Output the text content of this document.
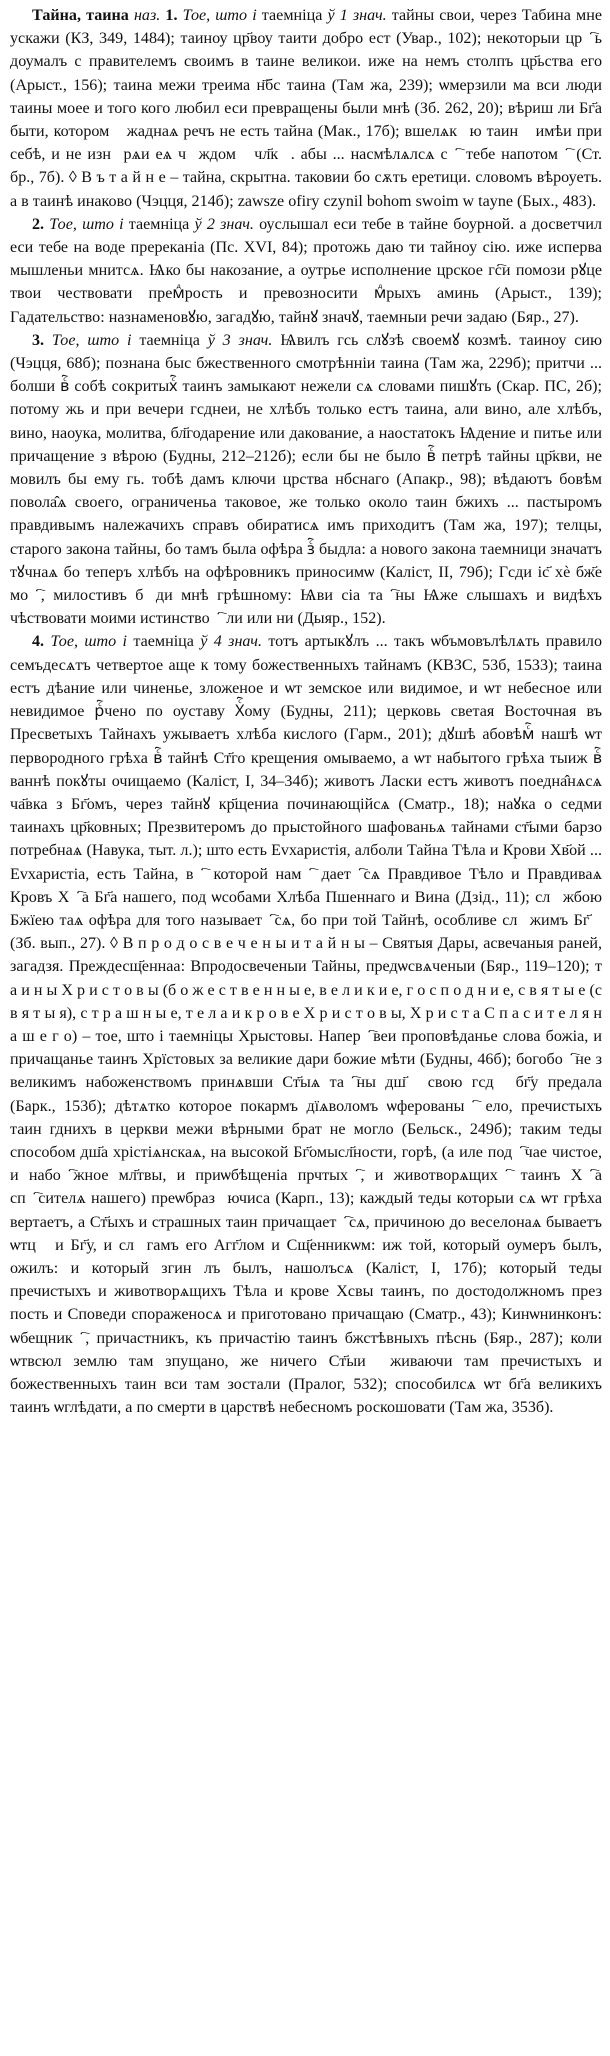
Тайна, таина наз. 1. Тое, што і таемніца ў 1 знач. тайны свои, через Табина мне ускажи (КЗ, 349, 1484); таиноу цр҃воу таити добро ест (Увар., 102); некоторыи црⷭ҇ь доумалъ с правителемъ своимъ в таине великои. иже на немъ столпъ цр҃ьства его (Арыст., 156); таина межи треима н҃бс таина (Там жа, 239); ѡмерзили ма вси люди таины моее и того кого любил еси превращены были мнѣ (Зб. 262, 20); вѣриш ли Бг҃а быти, которомꙋ жаднаѧ речъ не есть тайна (Мак., 17б); вшелѧкꙋю таинꙋ имѣи при себѣ, и не изнꙋрѧи еѧ чꙋждомꙋ чл҃кꙋ. абы ... насмѣлѧлсѧ сⷭ҇ тебе напотомⷭ҇ (Ст. бр., 7б). ◊ В ъ т а й н е – тайна, скрытна. таковии бо сѫть еретици. словомъ вѣроуеть. а в таинѣ инаково (Чэцця, 214б); zawsze ofiry czynil bohom swoim w tayne (Бых., 483).

2. Тое, што і таемніца ў 2 знач. оуслышал еси тебе в тайне боурной. а досветчил еси тебе на воде пререканіа (Пс. XVI, 84); протожь даю ти тайноу сію. иже исперва мышленьи мнитсѧ. Ѩко бы накозание, а оутрье исполнение црское гс҇и помози рꙋце твои чествовати премⷣрость и превозносити мⷣрыхъ аминь (Арыст., 139); Гадательство: назнаменовꙋю, загадꙋю, тайнꙋ значꙋ, таемныи речи задаю (Бяр., 27).

3. Тое, што і таемніца ў 3 знач. Ѩвилъ гсь слꙋзѣ своемꙋ козмѣ. таиноу сию (Чэцця, 68б); познана быс бжественного смотрѣнніи таина (Там жа, 229б); притчи ... болши вⷭ҇ собѣ сокритыхⷭ҇ таинъ замыкают нежели сѧ словами пишꙋть (Скар. ПС, 2б); потому жь и при вечери гсднеи, не хлѣбъ только естъ таина, али вино, але хлѣбъ, вино, наоука, молитва, бл҃годарение или дакование, а наостатокъ Ѩдение и питье или причащение з вѣрою (Будны, 212–212б); если бы не было вⷭ҇ петрѣ тайны цр҃кви, не мовилъ бы ему гь. тобѣ дамъ ключи црства нбснаго (Апакр., 98); вѣдаютъ бовѣм повола̂ѧ своего, ограниченьа таковое, же только около таин бжихъ ... пастыромъ правдивымъ належачихъ справъ обиратисѧ имъ приходитъ (Там жа, 197); телцы, старого закона тайны, бо тамъ была офѣра зⷭ҇ быдла: а нового закона таемници значатъ тꙋчнаѧ бо теперъ хлѣбъ на офѣровникъ приносимѡ (Каліст, II, 79б); Гсди іс҃ хѐ бж҃е моⷭ҇, милостивъ бꙋди мнѣ грѣшному: Ѩви сіа таⷭ҇ны Ѩже слышахъ и видѣхъ чѣствовати моими истинствоⷭ҇ ли или ни (Дыяр., 152).

4. Тое, што і таемніца ў 4 знач. тотъ артыкꙋлъ ... такъ ѡбъмовълѣлѧть правило семъдесѧтъ четвертое аще к тому божественныхъ тайнамъ (КВЗС, 53б, 1533); таина естъ дѣание или чиненье, зложеное и ѡт земское или видимое, и ѡт небесное или невидимое рⷭ҇чено по оуставу Хⷭ҇ому (Будны, 211); церковь светая Восточная въ Пресветыхъ Тайнахъ ужываетъ хлѣба кислого (Гарм., 201); дꙋшѣ абовѣмⷭ҇ нашѣ ѡт первородного грѣха вⷭ҇ тайнѣ Ст҃го крещения омываемо, а ѡт набытого грѣха тыиж вⷭ҇ ваннѣ покꙋты очищаемо (Каліст, I, 34–34б); животъ Ласки естъ животъ поедна̂нѧсѧ ча҃вка з Бг҃омъ, через тайнꙋ кр҃щениа починающійсѧ (Сматр., 18); наꙋка о седми таинахъ цр҃ковных; Презвитеромъ до прыстойного шафованьѧ тайнами ст҃ыми барзо потребнаѧ (Навука, тыт. л.); што есть Еvхаристія, алболи Тайна Тѣла и Крови Хв҃ой ... Еvхаристіа, есть Тайна, вⷭ҇ которой намⷭ҇ даетⷭ҇сѧ Правдивое Тѣло и Правдиваѧ Кровъ Хⷭ҇а Бг҃а нашего, под ѡсобами Хлѣба Пшеннаго и Вина (Дзід., 11); слꙋжбою Бжїею таѧ офѣра для того называетⷭ҇сѧ, бо при той Тайнѣ, особливе слꙋжимъ Бг҃ꙋ (Зб. вып., 27). ◊ В п р о д о с в е ч е н ы и т а й н ы – Святыя Дары, асвечаныя раней, загадзя. Преждесщ҃еннаа: Впродосвеченыи Тайны, предѡсвѧченыи (Бяр., 119–120); т а и н ы Х р и с т о в ы (б о ж е с т в е н н ы е, в е л и к и е, г о с п о д н и е, с в я т ы е (с в я т ы я), с т р а ш н ы е, т е л а и к р о в е Х р и с т о в ы, Х р и с т а С п а с и т е л я н а ш е г о) – тое, што і таемніцы Хрыстовы. Наперⷭ҇веи проповѣданье слова божіа, и причащанье таинъ Хрїстовых за великие дари божие мѣти (Будны, 46б); богобоⷭ҇не з великимъ набоженствомъ принѧвши Ст҃ыѧ таⷭ҇ны дш҃ꙋ свою гсдꙋ бг҃у предала (Барк., 153б); дѣтѧтко которое покармъ дїѧволомъ ѡферованыⷭ҇ ело, пречистыхъ таин гднихъ в церкви межи вѣрными брат не могло (Бельск., 249б); таким теды способом дш҃а хрістіѧнскаѧ, на высокой Бг҃омысл҃ности, горѣ, (а иле подⷭ҇чае чистое, и набоⷭ҇жное мл҃твы, и приѡбѣщеніа прчтыхⷭ҇, и животворѧщихⷭ҇ таинъ Хⷭ҇а спⷭ҇сителѧ нашего) преѡбразꙋючиса (Карп., 13); каждый теды которыи сѧ ѡт грѣха вертаетъ, а Ст҃ыхъ и страшных таин причащаетⷭ҇сѧ, причиною до веселонаѧ бываетъ ѡтцꙋ и Бг҃у, и слꙋгамъ его Агг҃лом и Сщ҃енникѡм: иж той, который оумеръ былъ, ожилъ: и который згинꙋлъ былъ, нашолъсѧ (Каліст, I, 17б); который теды пречистыхъ и животворѧщихъ Тѣла и крове Хсвы таинъ, по достодолжномъ през пость и Споведи спораженосѧ и приготовано причащаю (Сматр., 43); Кинѡнинконъ: ѡбещникⷭ҇, причастникъ, къ причастію таинъ бжстѣвныхъ пѣснь (Бяр., 287); коли ѡтвсюл землю там зпущано, же ничего Ст҃ыи ꙋживаючи там пречистыхъ и божественныхъ таин вси там зостали (Пралог, 532); способилсѧ ѡт бг҃а великихъ таинъ ѡглѣдати, а по смерти в царствѣ небесномъ роскошовати (Там жа, 353б).
